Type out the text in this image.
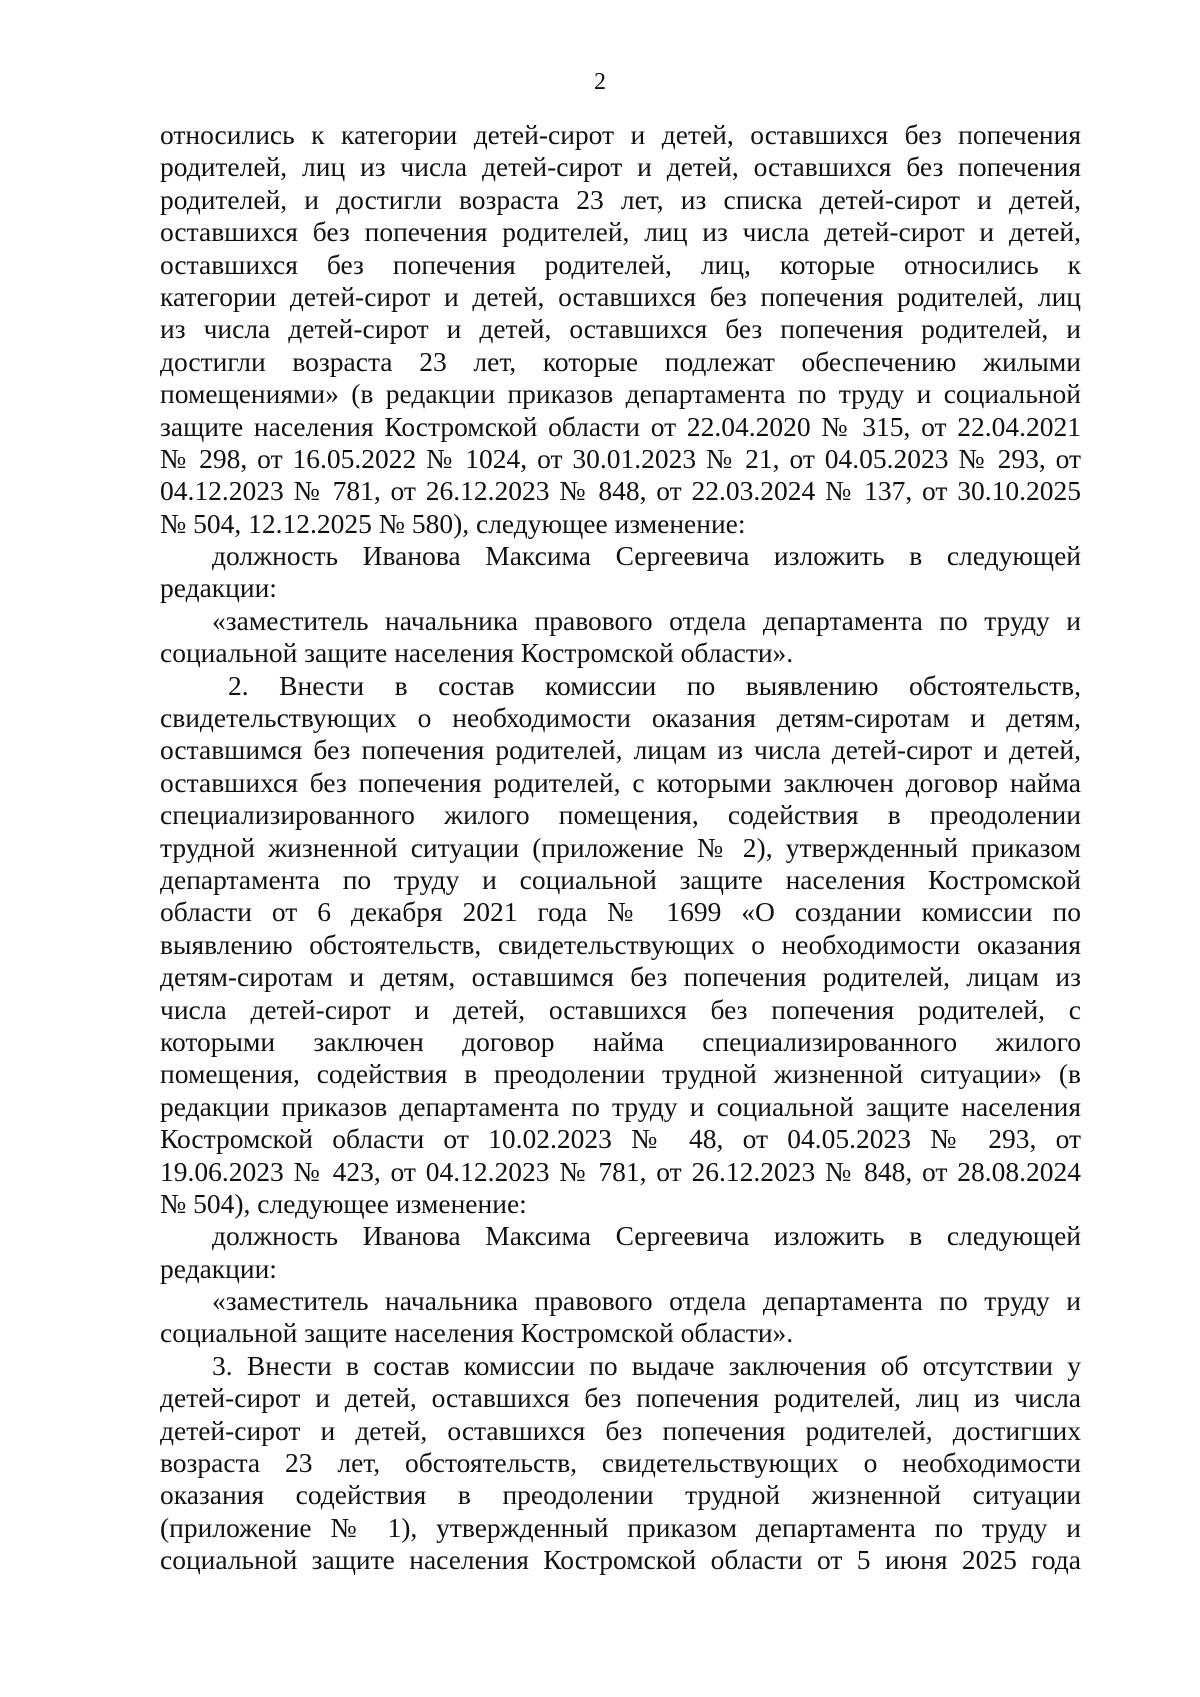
2
относились к категории детей-сирот и детей, оставшихся без попечения
родителей, лиц из числа детей-сирот и детей, оставшихся без попечения
родителей, и достигли возраста 23 лет, из списка детей-сирот и детей,
оставшихся без попечения родителей, лиц из числа детей-сирот и детей,
оставшихся без попечения родителей, лиц, которые относились к
категории детей-сирот и детей, оставшихся без попечения родителей, лиц
из числа детей-сирот и детей, оставшихся без попечения родителей, и
достигли возраста 23 лет, которые подлежат обеспечению жилыми
помещениями» (в редакции приказов департамента по труду и социальной
защите населения Костромской области от 22.04.2020 № 315, от 22.04.2021
№ 298, от 16.05.2022 № 1024, от 30.01.2023 № 21, от 04.05.2023 № 293, от
04.12.2023 № 781, от 26.12.2023 № 848, от 22.03.2024 № 137, от 30.10.2025
№ 504, 12.12.2025 № 580), следующее изменение:
должность Иванова Максима Сергеевича изложить в следующей
редакции:
«заместитель начальника правового отдела департамента по труду и
социальной защите населения Костромской области».
2. Внести в состав комиссии по выявлению обстоятельств,
свидетельствующих о необходимости оказания детям-сиротам и детям,
оставшимся без попечения родителей, лицам из числа детей-сирот и детей,
оставшихся без попечения родителей, с которыми заключен договор найма
специализированного жилого помещения, содействия в преодолении
трудной жизненной ситуации (приложение № 2), утвержденный приказом
департамента по труду и социальной защите населения Костромской
области от 6 декабря 2021 года № 1699 «О создании комиссии по
выявлению обстоятельств, свидетельствующих о необходимости оказания
детям-сиротам и детям, оставшимся без попечения родителей, лицам из
числа детей-сирот и детей, оставшихся без попечения родителей, с
которыми заключен договор найма специализированного жилого
помещения, содействия в преодолении трудной жизненной ситуации» (в
редакции приказов департамента по труду и социальной защите населения
Костромской области от 10.02.2023 № 48, от 04.05.2023 № 293, от
19.06.2023 № 423, от 04.12.2023 № 781, от 26.12.2023 № 848, от 28.08.2024
№ 504), следующее изменение:
должность Иванова Максима Сергеевича изложить в следующей
редакции:
«заместитель начальника правового отдела департамента по труду и
социальной защите населения Костромской области».
3. Внести в состав комиссии по выдаче заключения об отсутствии у
детей-сирот и детей, оставшихся без попечения родителей, лиц из числа
детей-сирот и детей, оставшихся без попечения родителей, достигших
возраста 23 лет, обстоятельств, свидетельствующих о необходимости
оказания содействия в преодолении трудной жизненной ситуации
(приложение № 1), утвержденный приказом департамента по труду и
социальной защите населения Костромской области от 5 июня 2025 года
